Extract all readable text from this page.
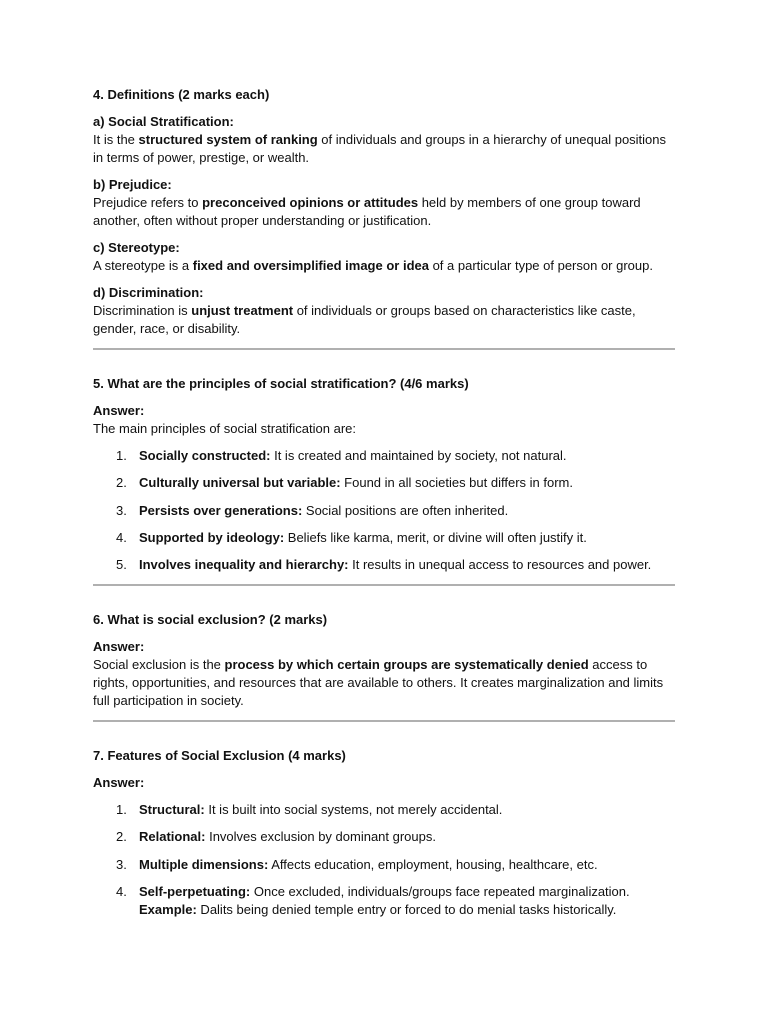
4. Definitions (2 marks each)

a) Social Stratification:

It is the structured system of ranking of individuals and groups in a hierarchy of unequal positions in terms of power, prestige, or wealth.

b) Prejudice:

Prejudice refers to preconceived opinions or attitudes held by members of one group toward another, often without proper understanding or justification.

c) Stereotype:

A stereotype is a fixed and oversimplified image or idea of a particular type of person or group.

d) Discrimination:

Discrimination is unjust treatment of individuals or groups based on characteristics like caste, gender, race, or disability.

5. What are the principles of social stratification? (4/6 marks)

Answer:

The main principles of social stratification are:

1. Socially constructed: It is created and maintained by society, not natural.
2. Culturally universal but variable: Found in all societies but differs in form.
3. Persists over generations: Social positions are often inherited.
4. Supported by ideology: Beliefs like karma, merit, or divine will often justify it.
5. Involves inequality and hierarchy: It results in unequal access to resources and power.

6. What is social exclusion? (2 marks)

Answer:

Social exclusion is the process by which certain groups are systematically denied access to rights, opportunities, and resources that are available to others. It creates marginalization and limits full participation in society.

7. Features of Social Exclusion (4 marks)

Answer:

1. Structural: It is built into social systems, not merely accidental.
2. Relational: Involves exclusion by dominant groups.
3. Multiple dimensions: Affects education, employment, housing, healthcare, etc.
4. Self-perpetuating: Once excluded, individuals/groups face repeated marginalization.
Example: Dalits being denied temple entry or forced to do menial tasks historically.
